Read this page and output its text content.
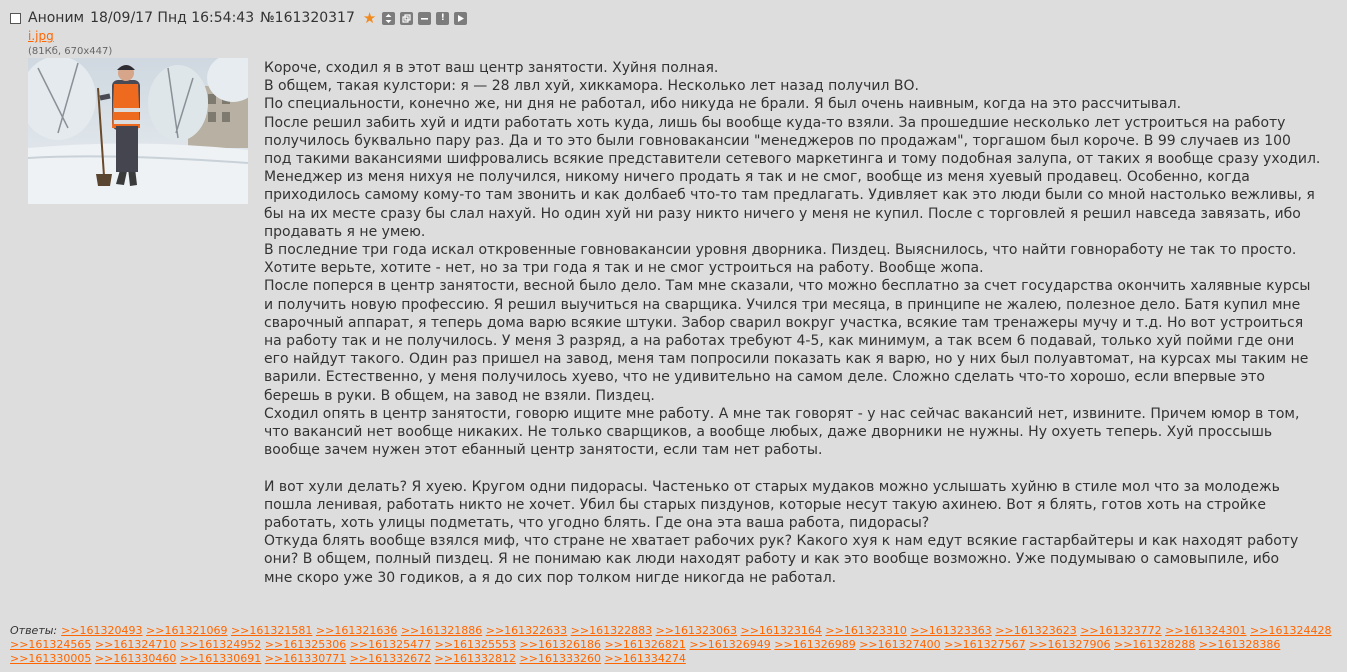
Аноним 18/09/17 Пнд 16:54:43 №161320317 ★	!
i.jpg
(81Кб, 670x447)
Короче, сходил я в этот ваш центр занятости. Хуйня полная.
В общем, такая кулстори: я — 28 лвл хуй, хиккамора. Несколько лет назад получил ВО.
По специальности, конечно же, ни дня не работал, ибо никуда не брали. Я был очень наивным, когда на это рассчитывал.
После решил забить хуй и идти работать хоть куда, лишь бы вообще куда-то взяли. За прошедшие несколько лет устроиться на работу
получилось буквально пару раз. Да и то это были говновакансии "менеджеров по продажам", торгашом был короче. В 99 случаев из 100
под такими вакансиями шифровались всякие представители сетевого маркетинга и тому подобная залупа, от таких я вообще сразу уходил.
Менеджер из меня нихуя не получился, никому ничего продать я так и не смог, вообще из меня хуевый продавец. Особенно, когда
приходилось самому кому-то там звонить и как долбаеб что-то там предлагать. Удивляет как это люди были со мной настолько вежливы, я
бы на их месте сразу бы слал нахуй. Но один хуй ни разу никто ничего у меня не купил. После с торговлей я решил навседа завязать, ибо
продавать я не умею.
В последние три года искал откровенные говновакансии уровня дворника. Пиздец. Выяснилось, что найти говноработу не так то просто.
Хотите верьте, хотите - нет, но за три года я так и не смог устроиться на работу. Вообще жопа.
После поперся в центр занятости, весной было дело. Там мне сказали, что можно бесплатно за счет государства окончить халявные курсы
и получить новую профессию. Я решил выучиться на сварщика. Учился три месяца, в принципе не жалею, полезное дело. Батя купил мне
сварочный аппарат, я теперь дома варю всякие штуки. Забор сварил вокруг участка, всякие там тренажеры мучу и т.д. Но вот устроиться
на работу так и не получилось. У меня 3 разряд, а на работах требуют 4-5, как минимум, а так всем 6 подавай, только хуй пойми где они
его найдут такого. Один раз пришел на завод, меня там попросили показать как я варю, но у них был полуавтомат, на курсах мы таким не
варили. Естественно, у меня получилось хуево, что не удивительно на самом деле. Сложно сделать что-то хорошо, если впервые это
берешь в руки. В общем, на завод не взяли. Пиздец.
Сходил опять в центр занятости, говорю ищите мне работу. А мне так говорят - у нас сейчас вакансий нет, извините. Причем юмор в том,
что вакансий нет вообще никаких. Не только сварщиков, а вообще любых, даже дворники не нужны. Ну охуеть теперь. Хуй проссышь
вообще зачем нужен этот ебанный центр занятости, если там нет работы.

И вот хули делать? Я хуею. Кругом одни пидорасы. Частенько от старых мудаков можно услышать хуйню в стиле мол что за молодежь
пошла ленивая, работать никто не хочет. Убил бы старых пиздунов, которые несут такую ахинею. Вот я блять, готов хоть на стройке
работать, хоть улицы подметать, что угодно блять. Где она эта ваша работа, пидорасы?
Откуда блять вообще взялся миф, что стране не хватает рабочих рук? Какого хуя к нам едут всякие гастарбайтеры и как находят работу
они? В общем, полный пиздец. Я не понимаю как люди находят работу и как это вообще возможно. Уже подумываю о самовыпиле, ибо
мне скоро уже 30 годиков, а я до сих пор толком нигде никогда не работал.
Ответы: >>161320493 >>161321069 >>161321581 >>161321636 >>161321886 >>161322633 >>161322883 >>161323063 >>161323164 >>161323310 >>161323363 >>161323623 >>161323772 >>161324301 >>161324428 >>161324565 >>161324710 >>161324952 >>161325306 >>161325477 >>161325553 >>161326186 >>161326821 >>161326949 >>161326989 >>161327400 >>161327567 >>161327906 >>161328288 >>161328386 >>161330005 >>161330460 >>161330691 >>161330771 >>161332672 >>161332812 >>161333260 >>161334274
